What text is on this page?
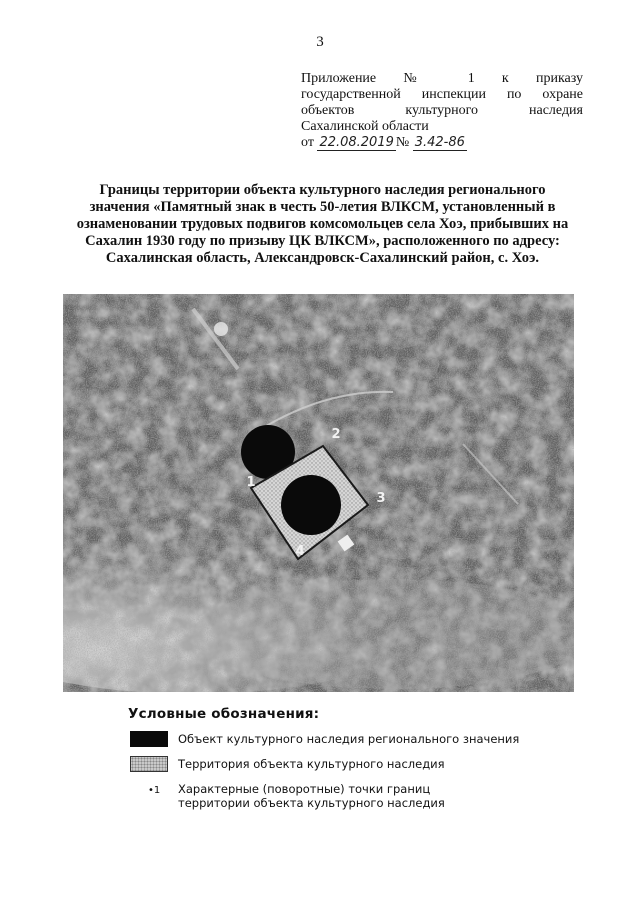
3
Приложение № 1 к приказу
государственной инспекции по охране
объектов культурного наследия
Сахалинской области
от 22.08.2019 № 3.42-86
Границы территории объекта культурного наследия регионального значения «Памятный знак в честь 50-летия ВЛКСМ, установленный в ознаменовании трудовых подвигов комсомольцев села Хоэ, прибывших на Сахалин 1930 году по призыву ЦК ВЛКСМ», расположенного по адресу: Сахалинская область, Александровск-Сахалинский район, с. Хоэ.
1
2
3
4
Условные обозначения:
Объект культурного наследия регионального значения
Территория объекта культурного наследия
•1 Характерные (поворотные) точки границ территории объекта культурного наследия
